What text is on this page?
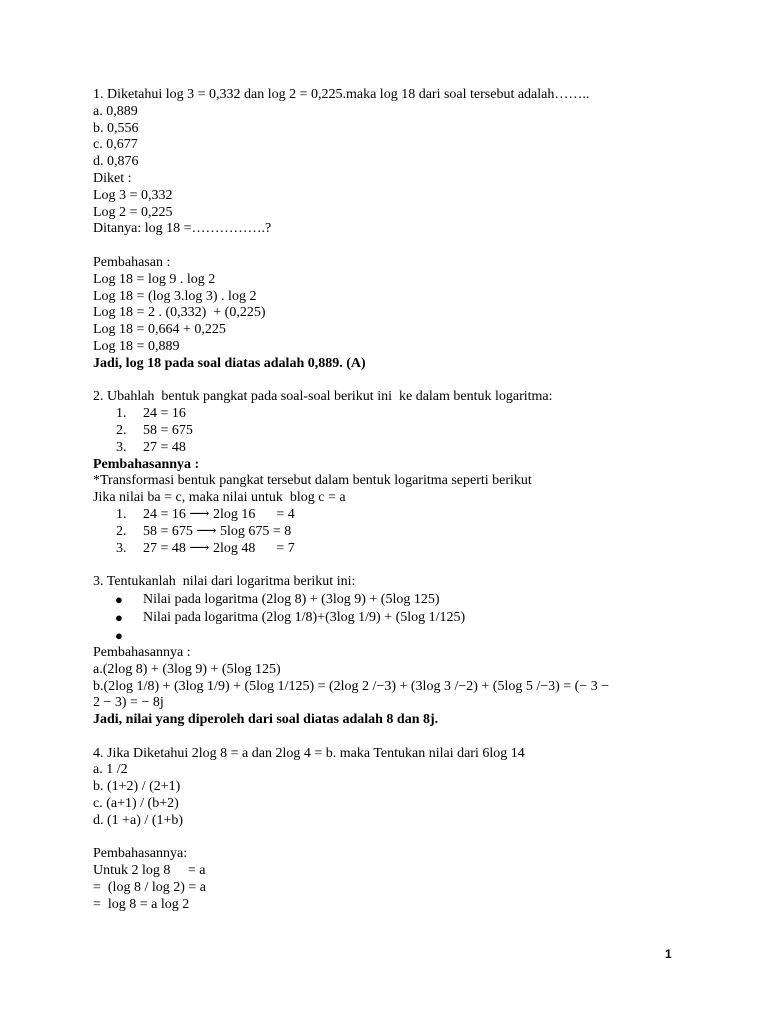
1. Diketahui log 3 = 0,332 dan log 2 = 0,225.maka log 18 dari soal tersebut adalah……..
a. 0,889
b. 0,556
c. 0,677
d. 0,876
Diket :
Log 3 = 0,332
Log 2 = 0,225
Ditanya: log 18 =…………….?
Pembahasan :
Log 18 = log 9 . log 2
Log 18 = (log 3.log 3) . log 2
Log 18 = 2 . (0,332)  + (0,225)
Log 18 = 0,664 + 0,225
Log 18 = 0,889
Jadi, log 18 pada soal diatas adalah 0,889. (A)
2. Ubahlah  bentuk pangkat pada soal-soal berikut ini  ke dalam bentuk logaritma:
1. 24 = 16
2. 58 = 675
3. 27 = 48
Pembahasannya :
*Transformasi bentuk pangkat tersebut dalam bentuk logaritma seperti berikut
Jika nilai ba = c, maka nilai untuk  blog c = a
1. 24 = 16 ⟶ 2log 16      = 4
2. 58 = 675 ⟶ 5log 675 = 8
3. 27 = 48 ⟶ 2log 48      = 7
3. Tentukanlah  nilai dari logaritma berikut ini:
● Nilai pada logaritma (2log 8) + (3log 9) + (5log 125)
● Nilai pada logaritma (2log 1/8)+(3log 1/9) + (5log 1/125)
●
Pembahasannya :
a.(2log 8) + (3log 9) + (5log 125)
b.(2log 1/8) + (3log 1/9) + (5log 1/125) = (2log 2 /−3) + (3log 3 /−2) + (5log 5 /−3) = (− 3 −
2 − 3) = − 8j
Jadi, nilai yang diperoleh dari soal diatas adalah 8 dan 8j.
4. Jika Diketahui 2log 8 = a dan 2log 4 = b. maka Tentukan nilai dari 6log 14
a. 1 /2
b. (1+2) / (2+1)
c. (a+1) / (b+2)
d. (1 +a) / (1+b)
Pembahasannya:
Untuk 2 log 8     = a
=  (log 8 / log 2) = a
=  log 8 = a log 2
1
